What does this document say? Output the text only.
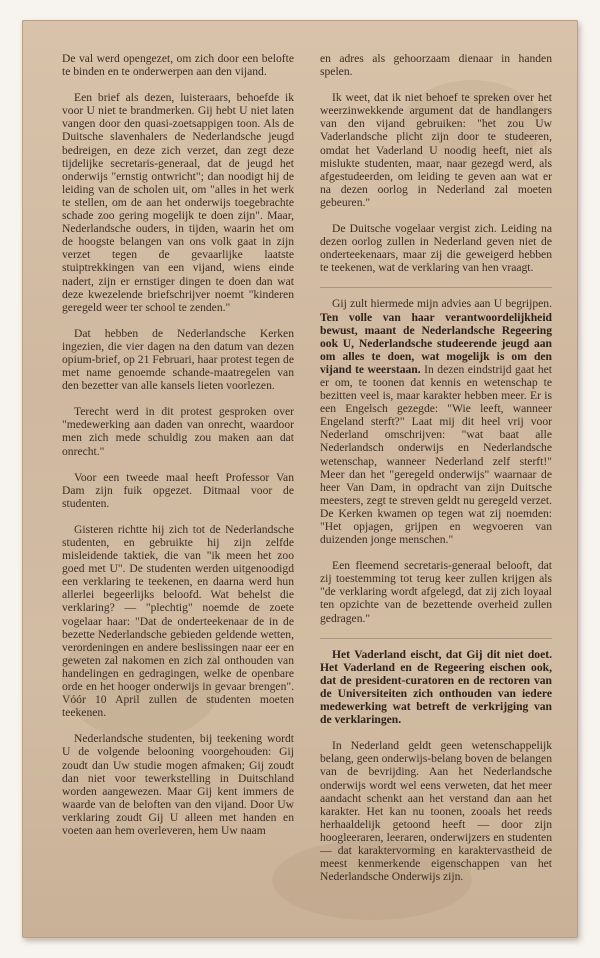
De val werd opengezet, om zich door een belofte te binden en te onderwerpen aan den vijand.

Een brief als dezen, luisteraars, behoefde ik voor U niet te brandmerken. Gij hebt U niet laten vangen door den quasi-zoetsappigen toon. Als de Duitsche slavenhalers de Nederlandsche jeugd bedreigen, en deze zich verzet, dan zegt deze tijdelijke secretaris-generaal, dat de jeugd het onderwijs "ernstig ontwricht"; dan noodigt hij de leiding van de scholen uit, om "alles in het werk te stellen, om de aan het onderwijs toegebrachte schade zoo gering mogelijk te doen zijn". Maar, Nederlandsche ouders, in tijden, waarin het om de hoogste belangen van ons volk gaat in zijn verzet tegen de gevaarlijke laatste stuiptrekkingen van een vijand, wiens einde nadert, zijn er ernstiger dingen te doen dan wat deze kwezelende briefschrijver noemt "kinderen geregeld weer ter school te zenden."

Dat hebben de Nederlandsche Kerken ingezien, die vier dagen na den datum van dezen opium-brief, op 21 Februari, haar protest tegen de met name genoemde schande-maatregelen van den bezetter van alle kansels lieten voorlezen.

Terecht werd in dit protest gesproken over "medewerking aan daden van onrecht, waardoor men zich mede schuldig zou maken aan dat onrecht."

Voor een tweede maal heeft Professor Van Dam zijn fuik opgezet. Ditmaal voor de studenten.

Gisteren richtte hij zich tot de Nederlandsche studenten, en gebruikte hij zijn zelfde misleidende taktiek, die van "ik meen het zoo goed met U". De studenten werden uitgenoodigd een verklaring te teekenen, en daarna werd hun allerlei begeerlijks beloofd. Wat behelst die verklaring? — "plechtig" noemde de zoete vogelaar haar: "Dat de onderteekenaar de in de bezette Nederlandsche gebieden geldende wetten, verordeningen en andere beslissingen naar eer en geweten zal nakomen en zich zal onthouden van handelingen en gedragingen, welke de openbare orde en het hooger onderwijs in gevaar brengen". Vóór 10 April zullen de studenten moeten teekenen.

Nederlandsche studenten, bij teekening wordt U de volgende belooning voorgehouden: Gij zoudt dan Uw studie mogen afmaken; Gij zoudt dan niet voor tewerkstelling in Duitschland worden aangewezen. Maar Gij kent immers de waarde van de beloften van den vijand. Door Uw verklaring zoudt Gij U alleen met handen en voeten aan hem overleveren, hem Uw naam

en adres als gehoorzaam dienaar in handen spelen.

Ik weet, dat ik niet behoef te spreken over het weerzinwekkende argument dat de handlangers van den vijand gebruiken: "het zou Uw Vaderlandsche plicht zijn door te studeeren, omdat het Vaderland U noodig heeft, niet als mislukte studenten, maar, naar gezegd werd, als afgestudeerden, om leiding te geven aan wat er na dezen oorlog in Nederland zal moeten gebeuren."

De Duitsche vogelaar vergist zich. Leiding na dezen oorlog zullen in Nederland geven niet de onderteekenaars, maar zij die geweigerd hebben te teekenen, wat de verklaring van hen vraagt.

Gij zult hiermede mijn advies aan U begrijpen. Ten volle van haar verantwoordelijkheid bewust, maant de Nederlandsche Regeering ook U, Nederlandsche studeerende jeugd aan om alles te doen, wat mogelijk is om den vijand te weerstaan. In dezen eindstrijd gaat het er om, te toonen dat kennis en wetenschap te bezitten veel is, maar karakter hebben meer. Er is een Engelsch gezegde: "Wie leeft, wanneer Engeland sterft?" Laat mij dit heel vrij voor Nederland omschrijven: "wat baat alle Nederlandsch onderwijs en Nederlandsche wetenschap, wanneer Nederland zelf sterft!" Meer dan het "geregeld onderwijs" waarnaar de heer Van Dam, in opdracht van zijn Duitsche meesters, zegt te streven geldt nu geregeld verzet. De Kerken kwamen op tegen wat zij noemden: "Het opjagen, grijpen en wegvoeren van duizenden jonge menschen."

Een fleemend secretaris-generaal belooft, dat zij toestemming tot terug keer zullen krijgen als "de verklaring wordt afgelegd, dat zij zich loyaal ten opzichte van de bezettende overheid zullen gedragen."

Het Vaderland eischt, dat Gij dit niet doet. Het Vaderland en de Regeering eischen ook, dat de president-curatoren en de rectoren van de Universiteiten zich onthouden van iedere medewerking wat betreft de verkrijging van de verklaringen.

In Nederland geldt geen wetenschappelijk belang, geen onderwijs-belang boven de belangen van de bevrijding. Aan het Nederlandsche onderwijs wordt wel eens verweten, dat het meer aandacht schenkt aan het verstand dan aan het karakter. Het kan nu toonen, zooals het reeds herhaaldelijk getoond heeft — door zijn hoogleeraren, leeraren, onderwijzers en studenten — dat karaktervorming en karaktervastheid de meest kenmerkende eigenschappen van het Nederlandsche Onderwijs zijn.
